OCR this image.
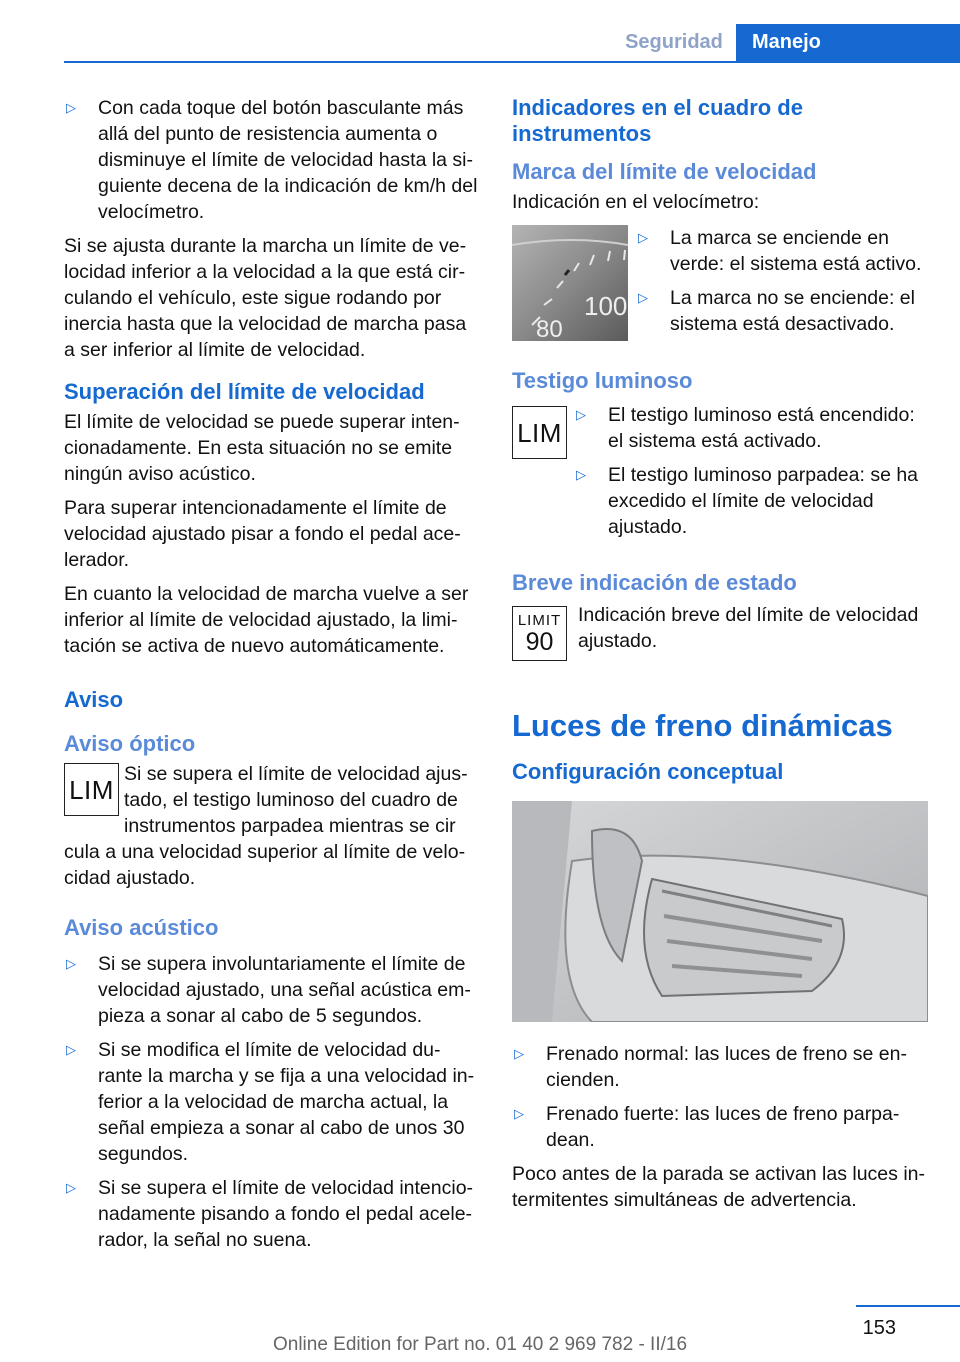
Seguridad	Manejo
▷	Con cada toque del botón basculante más allá del punto de resistencia aumenta o disminuye el límite de velocidad hasta la siguiente decena de la indicación de km/h del velocímetro.

Si se ajusta durante la marcha un límite de velocidad inferior a la velocidad a la que está circulando el vehículo, este sigue rodando por inercia hasta que la velocidad de marcha pasa a ser inferior al límite de velocidad.

Superación del límite de velocidad

El límite de velocidad se puede superar intencionadamente. En esta situación no se emite ningún aviso acústico.

Para superar intencionadamente el límite de velocidad ajustado pisar a fondo el pedal acelerador.

En cuanto la velocidad de marcha vuelve a ser inferior al límite de velocidad ajustado, la limitación se activa de nuevo automáticamente.

Aviso
Aviso óptico
LIM
Si se supera el límite de velocidad ajustado, el testigo luminoso del cuadro de instrumentos parpadea mientras se cir

cula a una velocidad superior al límite de velocidad ajustado.

Aviso acústico
▷	Si se supera involuntariamente el límite de velocidad ajustado, una señal acústica empieza a sonar al cabo de 5 segundos.
▷	Si se modifica el límite de velocidad durante la marcha y se fija a una velocidad inferior a la velocidad de marcha actual, la señal empieza a sonar al cabo de unos 30 segundos.
▷	Si se supera el límite de velocidad intencionadamente pisando a fondo el pedal acelerador, la señal no suena.
Indicadores en el cuadro de instrumentos
Marca del límite de velocidad

Indicación en el velocímetro:

100
80
▷	La marca se enciende en verde: el sistema está activo.
▷	La marca no se enciende: el sistema está desactivado.
Testigo luminoso
LIM
▷	El testigo luminoso está encendido: el sistema está activado.
▷	El testigo luminoso parpadea: se ha excedido el límite de velocidad ajustado.
Breve indicación de estado
LIMIT
90
Indicación breve del límite de velocidad ajustado.
Luces de freno dinámicas
Configuración conceptual
▷	Frenado normal: las luces de freno se encienden.
▷	Frenado fuerte: las luces de freno parpadean.

Poco antes de la parada se activan las luces intermitentes simultáneas de advertencia.

153
Online Edition for Part no. 01 40 2 969 782 - II/16
